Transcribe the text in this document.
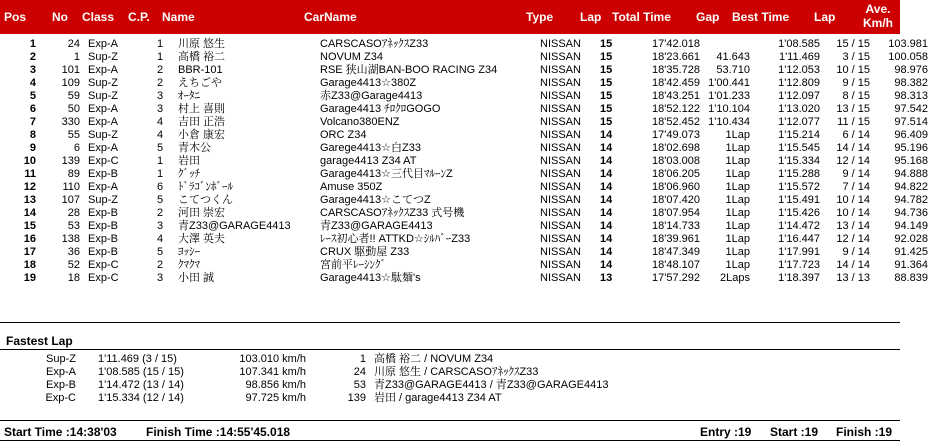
Pos No Class C.P. Name	CarName	Type Lap Total Time Gap Best Time Lap
Ave.
Km/h
1	24	Exp-A	1	川原 悠生	CARSCASOｱﾈｯｸｽZ33	NISSAN	15	17'42.018		1'08.585	15 / 15	103.981
2	1	Sup-Z	1	高橋 裕二	NOVUM Z34	NISSAN	15	18'23.661	41.643	1'11.469	3 / 15	100.058
3	101	Exp-A	2	BBR-101	RSE 狭山湖BAN-BOO RACING Z34	NISSAN	15	18'35.728	53.710	1'12.053	10 / 15	98.976
4	109	Sup-Z	2	えちごや	Garage4413☆380Z	NISSAN	15	18'42.459	1'00.441	1'12.809	9 / 15	98.382
5	59	Sup-Z	3	ｵｰﾀﾆ	赤Z33@Garage4413	NISSAN	15	18'43.251	1'01.233	1'12.097	8 / 15	98.313
6	50	Exp-A	3	村上 喜則	Garage4413 ﾁﾛｸﾛGOGO	NISSAN	15	18'52.122	1'10.104	1'13.020	13 / 15	97.542
7	330	Exp-A	4	吉田 正浩	Volcano380ENZ	NISSAN	15	18'52.452	1'10.434	1'12.077	11 / 15	97.514
8	55	Sup-Z	4	小倉 康宏	ORC Z34	NISSAN	14	17'49.073	1Lap	1'15.214	6 / 14	96.409
9	6	Exp-A	5	青木公	Garege4413☆白Z33	NISSAN	14	18'02.698	1Lap	1'15.545	14 / 14	95.196
10	139	Exp-C	1	岩田	garage4413 Z34 AT	NISSAN	14	18'03.008	1Lap	1'15.334	12 / 14	95.168
11	89	Exp-B	1	ｸﾞｯﾁ	Garage4413☆三代目ﾏﾙｰﾝZ	NISSAN	14	18'06.205	1Lap	1'15.288	9 / 14	94.888
12	110	Exp-A	6	ﾄﾞﾗｺﾞﾝﾎﾞｰﾙ	Amuse 350Z	NISSAN	14	18'06.960	1Lap	1'15.572	7 / 14	94.822
13	107	Sup-Z	5	こてつくん	Garage4413☆こてつZ	NISSAN	14	18'07.420	1Lap	1'15.491	10 / 14	94.782
14	28	Exp-B	2	河田 崇宏	CARSCASOｱﾈｯｸｽZ33 式号機	NISSAN	14	18'07.954	1Lap	1'15.426	10 / 14	94.736
15	53	Exp-B	3	青Z33@GARAGE4413	青Z33@GARAGE4413	NISSAN	14	18'14.733	1Lap	1'14.472	13 / 14	94.149
16	138	Exp-B	4	大澤 英夫	ﾚｰｽ初心者!! ATTKD☆ｼﾙﾊﾞｰZ33	NISSAN	14	18'39.961	1Lap	1'16.447	12 / 14	92.028
17	36	Exp-B	5	ﾖｯｼｰ	CRUX 駆動屋 Z33	NISSAN	14	18'47.349	1Lap	1'17.991	9 / 14	91.425
18	52	Exp-C	2	ｸﾏｸﾏ	宮前平ﾚｰｼﾝｸﾞ	NISSAN	14	18'48.107	1Lap	1'17.723	14 / 14	91.364
19	18	Exp-C	3	小田 誠	Garage4413☆駄麺's	NISSAN	13	17'57.292	2Laps	1'18.397	13 / 13	88.839
Fastest Lap
Sup-Z	1'11.469 (3 / 15)	103.010 km/h	1	高橋 裕二 / NOVUM Z34
Exp-A	1'08.585 (15 / 15)	107.341 km/h	24	川原 悠生 / CARSCASOｱﾈｯｸｽZ33
Exp-B	1'14.472 (13 / 14)	98.856 km/h	53	青Z33@GARAGE4413 / 青Z33@GARAGE4413
Exp-C	1'15.334 (12 / 14)	97.725 km/h	139	岩田 / garage4413 Z34 AT
Start Time :14:38'03 Finish Time :14:55'45.018	Entry :19 Start :19 Finish :19
